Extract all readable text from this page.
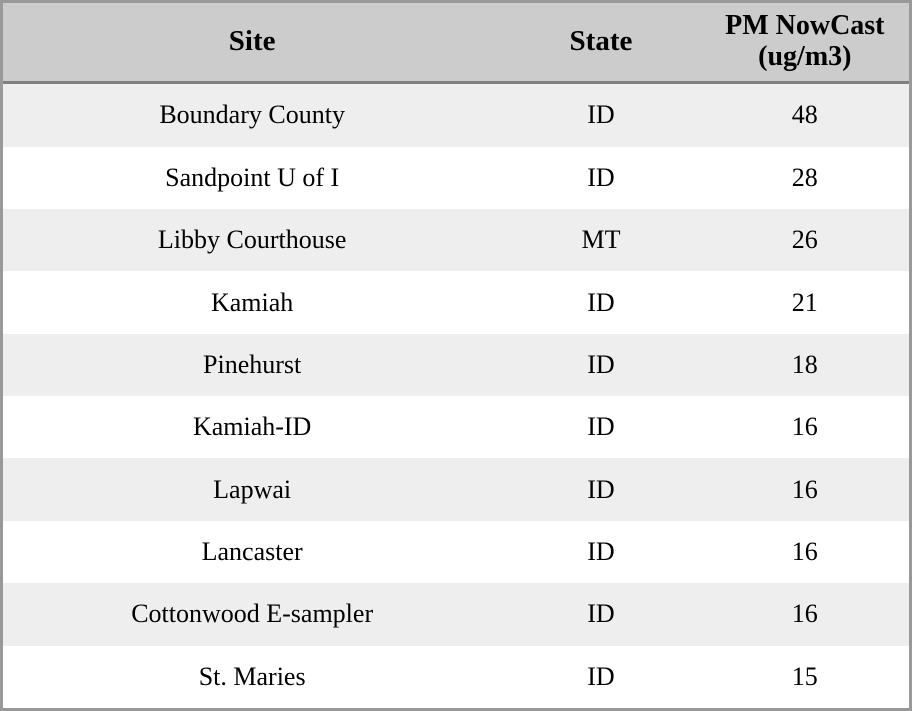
Site	State	PM NowCast (ug/m3)
Boundary County	ID	48
Sandpoint U of I	ID	28
Libby Courthouse	MT	26
Kamiah	ID	21
Pinehurst	ID	18
Kamiah-ID	ID	16
Lapwai	ID	16
Lancaster	ID	16
Cottonwood E-sampler	ID	16
St. Maries	ID	15
